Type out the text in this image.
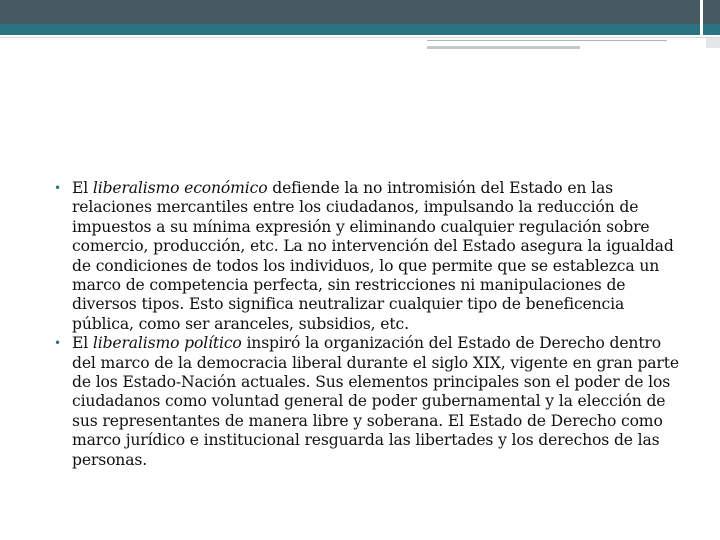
• El liberalismo económico defiende la no intromisión del Estado en las relaciones mercantiles entre los ciudadanos, impulsando la reducción de impuestos a su mínima expresión y eliminando cualquier regulación sobre comercio, producción, etc. La no intervención del Estado asegura la igualdad de condiciones de todos los individuos, lo que permite que se establezca un marco de competencia perfecta, sin restricciones ni manipulaciones de diversos tipos. Esto significa neutralizar cualquier tipo de beneficencia pública, como ser aranceles, subsidios, etc.
• El liberalismo político inspiró la organización del Estado de Derecho dentro del marco de la democracia liberal durante el siglo XIX, vigente en gran parte de los Estado-Nación actuales. Sus elementos principales son el poder de los ciudadanos como voluntad general de poder gubernamental y la elección de sus representantes de manera libre y soberana. El Estado de Derecho como marco jurídico e institucional resguarda las libertades y los derechos de las personas.
